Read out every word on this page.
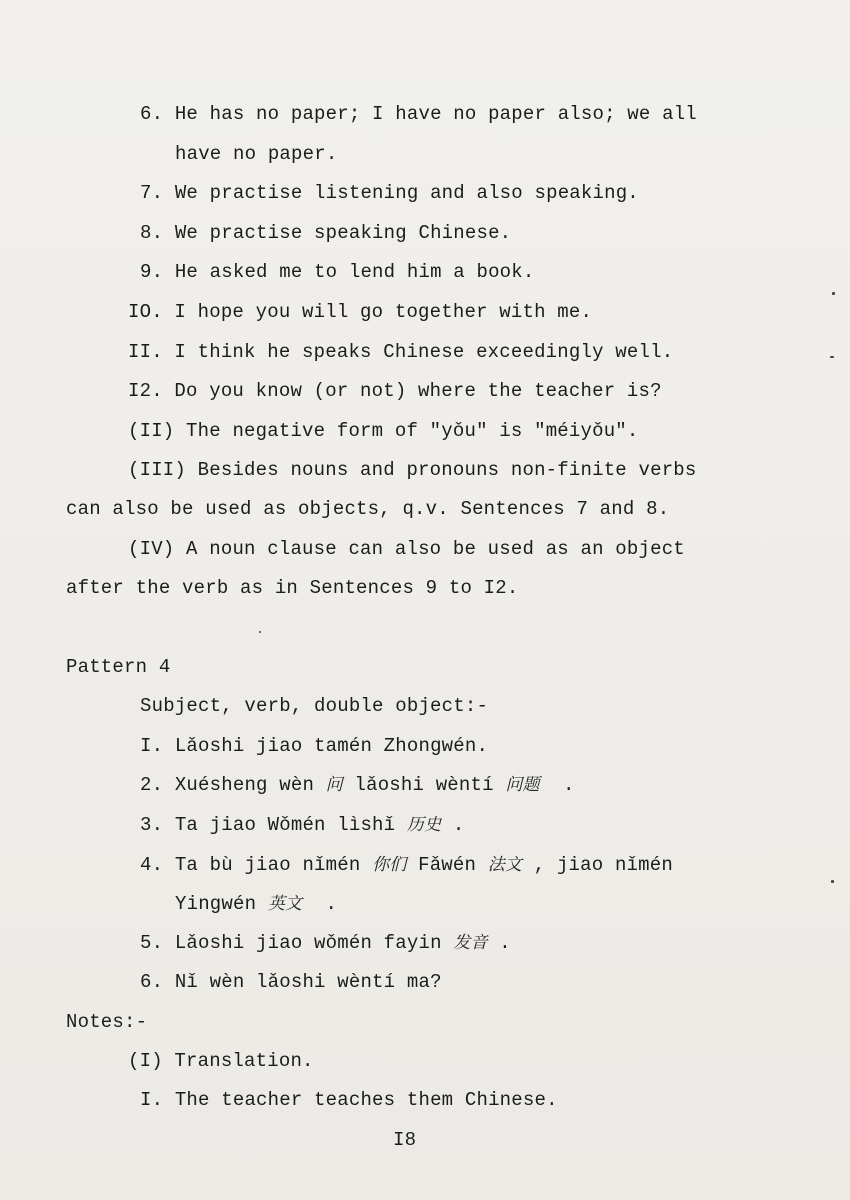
6. He has no paper; I have no paper also; we all
have no paper.
7. We practise listening and also speaking.
8. We practise speaking Chinese.
9. He asked me to lend him a book.
IO. I hope you will go together with me.
II. I think he speaks Chinese exceedingly well.
I2. Do you know (or not) where the teacher is?
(II) The negative form of "yǒu" is "méiyǒu".
(III) Besides nouns and pronouns non-finite verbs
can also be used as objects, q.v. Sentences 7 and 8.
(IV) A noun clause can also be used as an object
after the verb as in Sentences 9 to I2.
Pattern 4
Subject, verb, double object:-
I. Lǎoshi jiao tamén Zhongwén.
2. Xuésheng wèn 问 lǎoshi wèntí 问题 .
3. Ta jiao Wǒmén lìshǐ 历史 .
4. Ta bù jiao nǐmén 你们 Fǎwén 法文 , jiao nǐmén
Yingwén 英文 .
5. Lǎoshi jiao wǒmén fayin 发音 .
6. Nǐ wèn lǎoshi wèntí ma?
Notes:-
(I) Translation.
I. The teacher teaches them Chinese.
I8
